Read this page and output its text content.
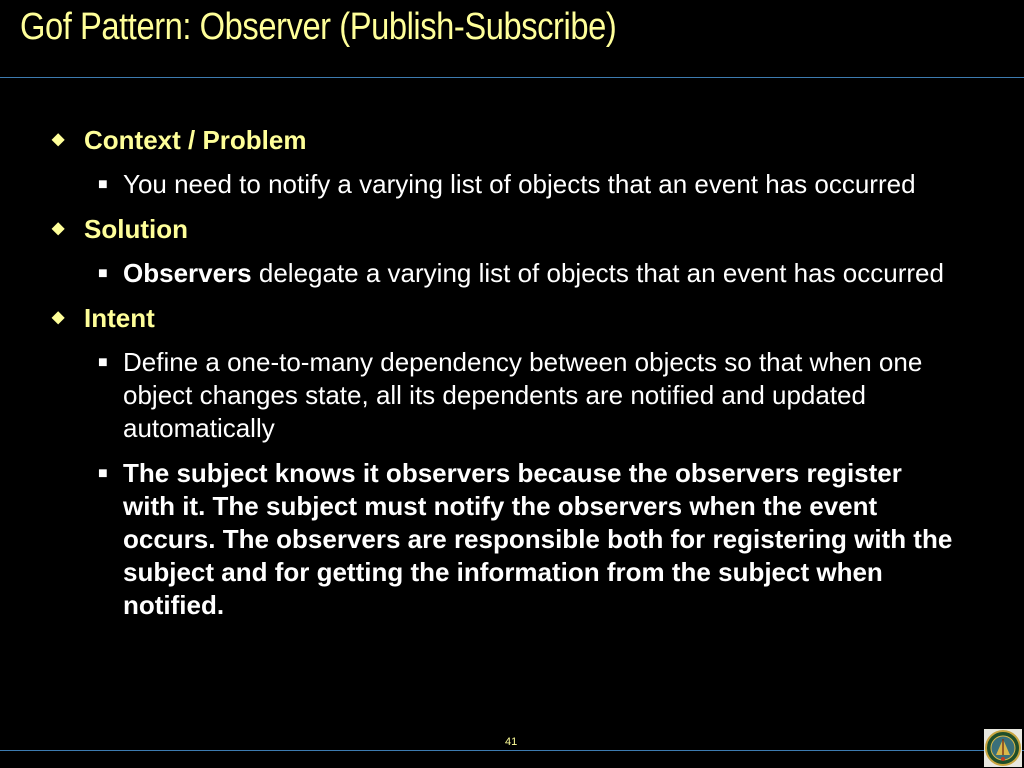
Gof Pattern: Observer (Publish-Subscribe)
◆ Context / Problem
■ You need to notify a varying list of objects that an event has occurred
◆ Solution
■ Observers delegate a varying list of objects that an event has occurred
◆ Intent
■ Define a one-to-many dependency between objects so that when one object changes state, all its dependents are notified and updated automatically
■ The subject knows it observers because the observers register with it. The subject must notify the observers when the event occurs. The observers are responsible both for registering with the subject and for getting the information from the subject when notified.
41
